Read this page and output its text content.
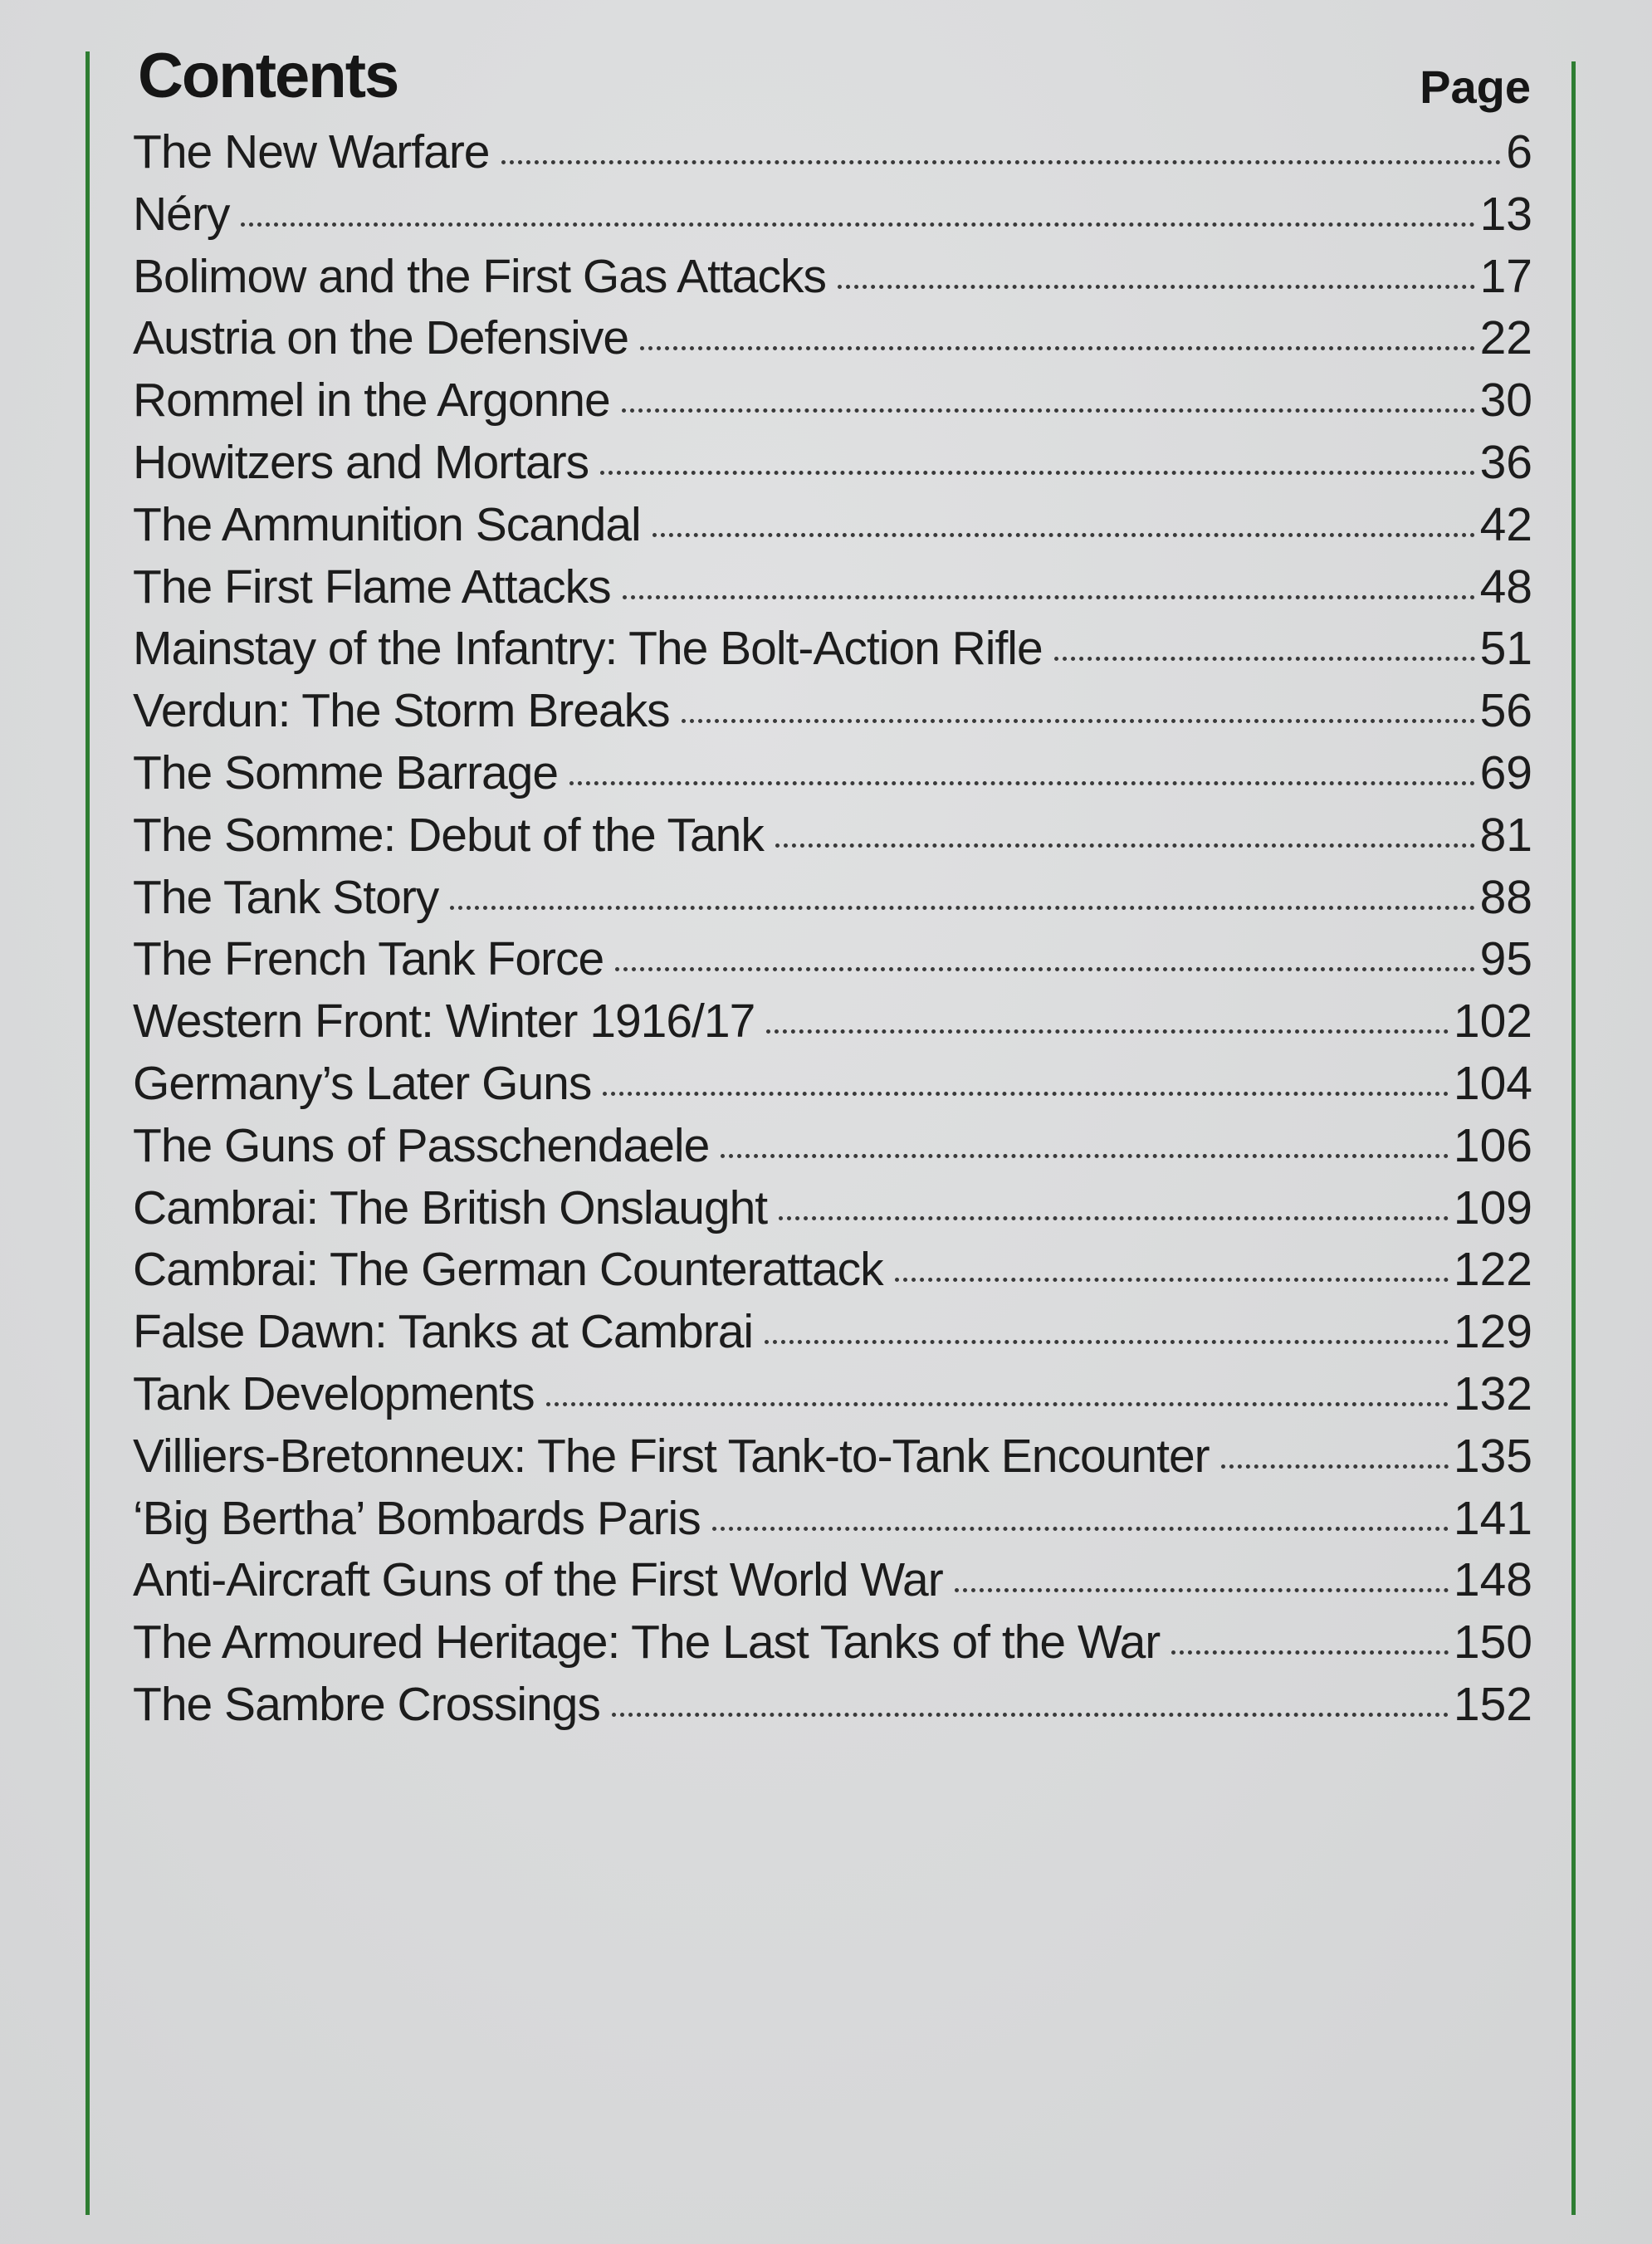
Contents	Page
The New Warfare	6
Néry	13
Bolimow and the First Gas Attacks	17
Austria on the Defensive	22
Rommel in the Argonne	30
Howitzers and Mortars	36
The Ammunition Scandal	42
The First Flame Attacks	48
Mainstay of the Infantry: The Bolt-Action Rifle	51
Verdun: The Storm Breaks	56
The Somme Barrage	69
The Somme: Debut of the Tank	81
The Tank Story	88
The French Tank Force	95
Western Front: Winter 1916/17	102
Germany’s Later Guns	104
The Guns of Passchendaele	106
Cambrai: The British Onslaught	109
Cambrai: The German Counterattack	122
False Dawn: Tanks at Cambrai	129
Tank Developments	132
Villiers-Bretonneux: The First Tank-to-Tank Encounter	135
‘Big Bertha’ Bombards Paris	141
Anti-Aircraft Guns of the First World War	148
The Armoured Heritage: The Last Tanks of the War	150
The Sambre Crossings	152
